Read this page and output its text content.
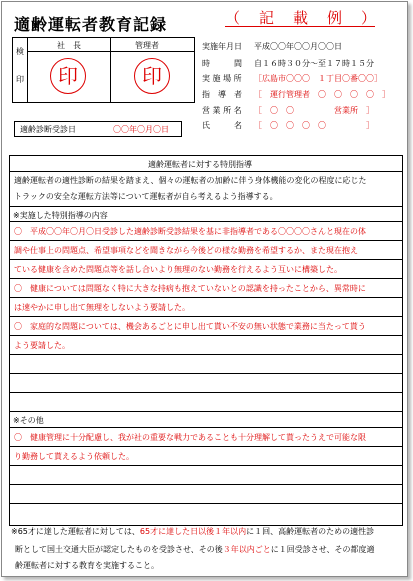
適齢運転者教育記録	（　記　載　例　）
検
印
社　長	管理者
印	印
実施年月日	平成〇〇年〇〇月〇〇日
時　　　間	自１６時３０分～至１７時１５分
実 施 場 所	［広島市〇〇〇　１丁目〇番〇〇］
指　導　者	［　運行管理者　〇　〇　〇　〇　］
営 業 所 名	［　〇　〇　　　　　営業所　］
氏　　　名	［　〇　〇　〇　〇　　　　　］
適齢診断受診日	〇〇年〇月〇日
適齢運転者に対する特別指導
適齢運転者の適性診断の結果を踏まえ、個々の運転者の加齢に伴う身体機能の変化の程度に応じた
トラックの安全な運転方法等について運転者が自ら考えるよう指導する。
※実施した特別指導の内容
〇　平成〇〇年〇月〇日受診した適齢診断受診結果を基に非指導者である〇〇〇〇さんと現在の体
調や仕事上の問題点、希望事項などを聞きながら今後どの様な勤務を希望するか、また現在抱え
ている健康を含めた問題点等を話し合いより無理のない勤務を行えるよう互いに構築した。
〇　健康については問題なく特に大きな持病も抱えていないとの認識を持ったことから、異常時に
は速やかに申し出て無理をしないよう要請した。
〇　家庭的な問題については、機会あるごとに申し出て貰い不安の無い状態で業務に当たって貰う
よう要請した。
※その他
〇　健康管理に十分配慮し、我が社の重要な戦力であることも十分理解して貰ったうえで可能な限
り勤務して貰えるよう依頼した。
※65才に達した運転者に対しては、65才に達した日以後１年以内に１回、高齢運転者のための適性診
断として国土交通大臣が認定したものを受診させ、その後３年以内ごとに１回受診させ、その都度適
齢運転者に対する教育を実施すること。
